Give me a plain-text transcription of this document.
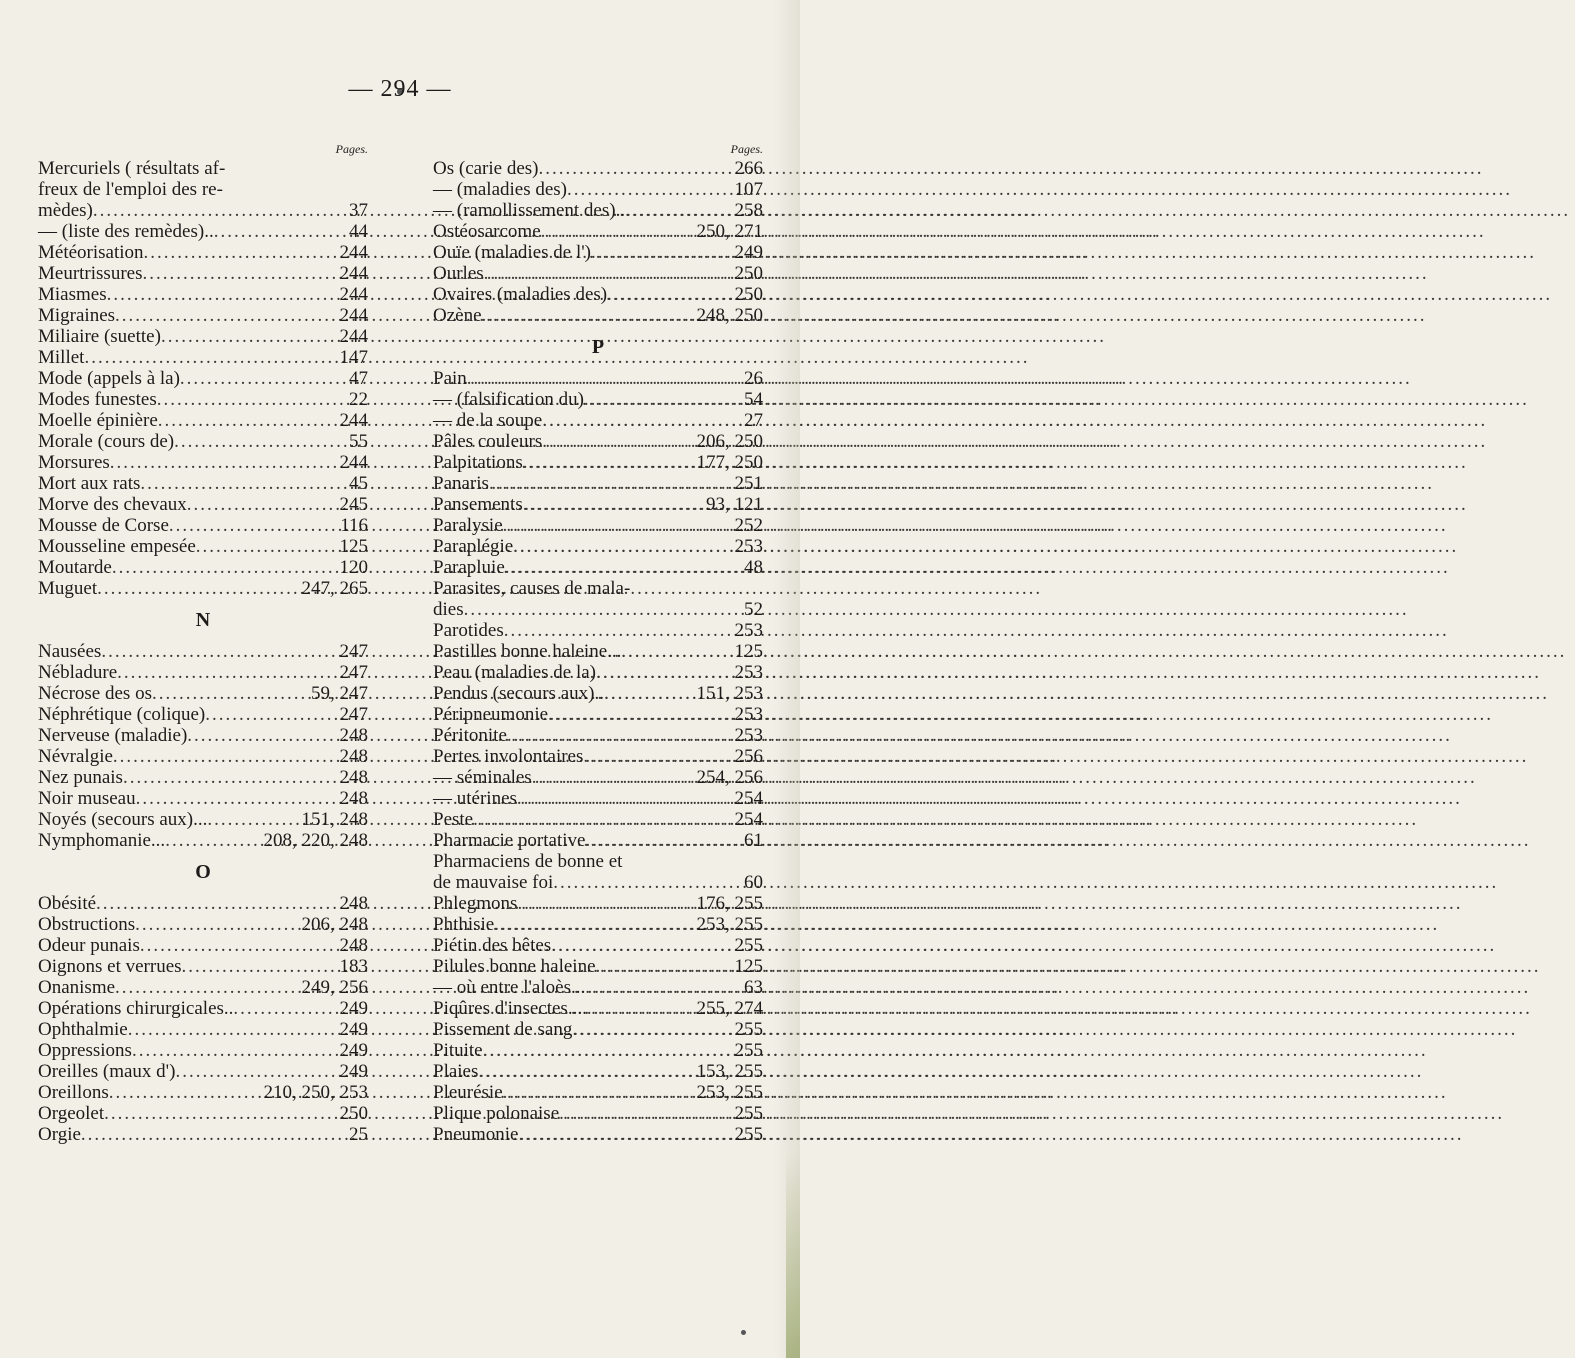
— 294 —
Pages.
Mercuriels ( résultats af-
freux de l'emploi des re-
mèdes) .....	37
— (liste des remèdes).. .....	44
Météorisation .....	244
Meurtrissures .....	244
Miasmes .....	244
Migraines .....	244
Miliaire (suette) .....	244
Millet .....	147
Mode (appels à la) .....	47
Modes funestes .....	22
Moelle épinière .....	244
Morale (cours de) .....	55
Morsures .....	244
Mort aux rats .....	45
Morve des chevaux .....	245
Mousse de Corse .....	116
Mousseline empesée .....	125
Moutarde .....	120
Muguet .....	247, 265
N
Nausées .....	247
Nébladure .....	247
Nécrose des os .....	59, 247
Néphrétique (colique) .....	247
Nerveuse (maladie) .....	248
Névralgie .....	248
Nez punais .....	248
Noir museau .....	248
Noyés (secours aux)... .....	151, 248
Nymphomanie... .....	208, 220, 248
O
Obésité .....	248
Obstructions .....	206, 248
Odeur punais .....	248
Oignons et verrues .....	183
Onanisme .....	249, 256
Opérations chirurgicales.. .....	249
Ophthalmie .....	249
Oppressions .....	249
Oreilles (maux d') .....	249
Oreillons .....	210, 250, 253
Orgeolet .....	250
Orgie .....	25
Pages.
Os (carie des) .....	266
— (maladies des) .....	107
— (ramollissement des).. .....	258
Ostéosarcome .....	250, 271
Ouïe (maladies de l') .....	249
Ourles .....	250
Ovaires (maladies des) .....	250
Ozène .....	248, 250
P
Pain .....	26
— (falsification du) .....	54
— de la soupe .....	27
Pâles couleurs .....	206, 250
Palpitations .....	177, 250
Panaris .....	251
Pansements .....	93, 121
Paralysie .....	252
Paraplégie .....	253
Parapluie .....	48
Parasites, causes de mala-
dies .....	52
Parotides .....	253
Pastilles bonne haleine... .....	125
Peau (maladies de la) .....	253
Pendus (secours aux).. .....	151, 253
Péripneumonie .....	253
Péritonite .....	253
Pertes involontaires .....	256
— séminales .....	254, 256
— utérines .....	254
Peste .....	254
Pharmacie portative .....	61
Pharmaciens de bonne et
de mauvaise foi .....	60
Phlegmons .....	176, 255
Phthisie .....	253, 255
Piétin des bêtes .....	255
Pilules bonne haleine .....	125
— où entre l'aloès... .....	63
Piqûres d'insectes.... .....	255, 274
Pissement de sang .....	255
Pituite .....	255
Plaies .....	153, 255
Pleurésie .....	253, 255
Plique polonaise .....	255
Pneumonie .....	255
